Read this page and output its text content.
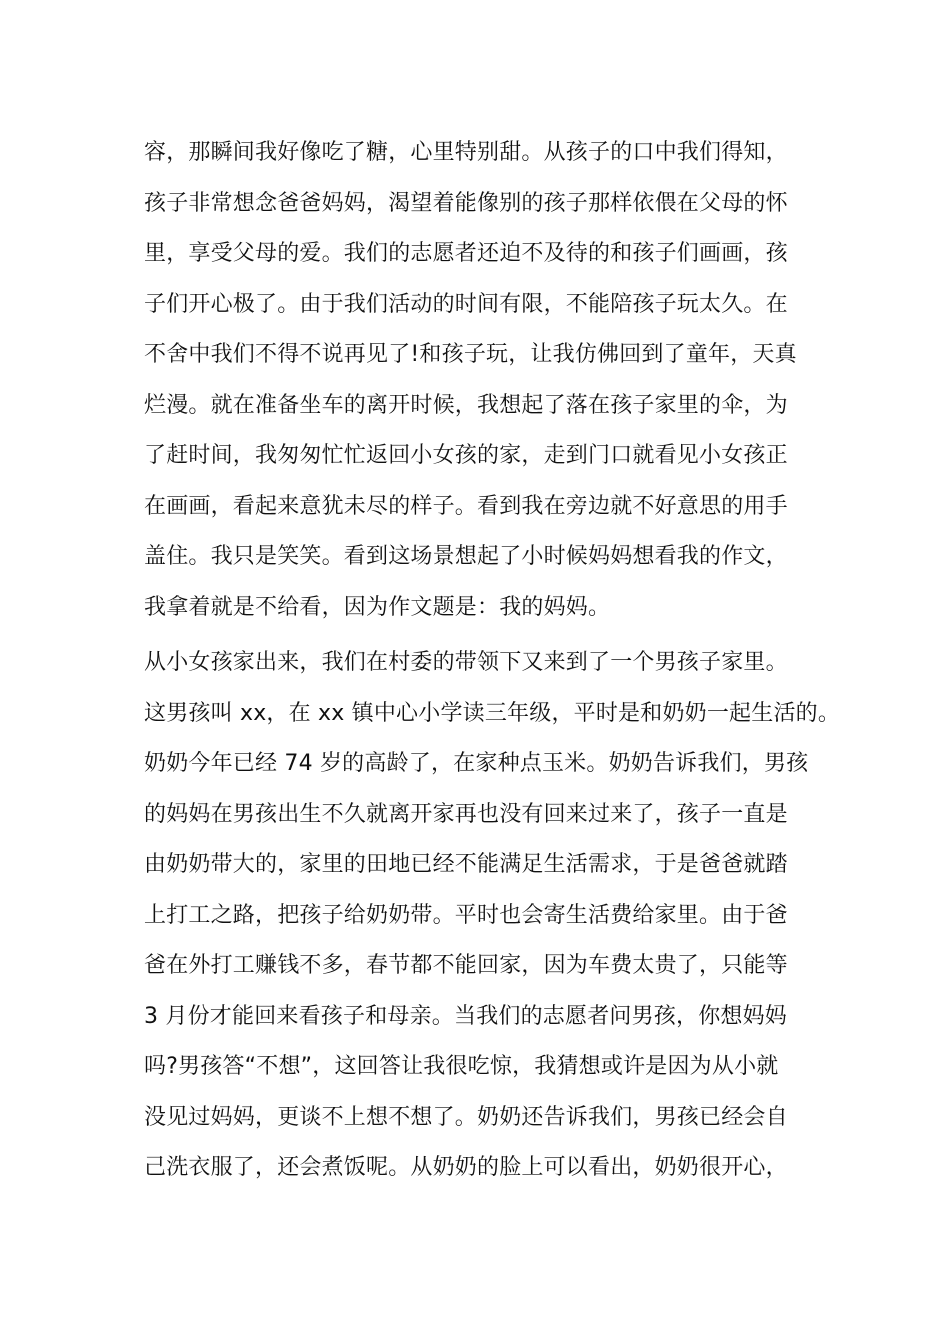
容，那瞬间我好像吃了糖，心里特别甜。从孩子的口中我们得知，
孩子非常想念爸爸妈妈，渴望着能像别的孩子那样依偎在父母的怀
里，享受父母的爱。我们的志愿者还迫不及待的和孩子们画画，孩
子们开心极了。由于我们活动的时间有限，不能陪孩子玩太久。在
不舍中我们不得不说再见了!和孩子玩，让我仿佛回到了童年，天真
烂漫。就在准备坐车的离开时候，我想起了落在孩子家里的伞，为
了赶时间，我匆匆忙忙返回小女孩的家，走到门口就看见小女孩正
在画画，看起来意犹未尽的样子。看到我在旁边就不好意思的用手
盖住。我只是笑笑。看到这场景想起了小时候妈妈想看我的作文，
我拿着就是不给看，因为作文题是：我的妈妈。
从小女孩家出来，我们在村委的带领下又来到了一个男孩子家里。
这男孩叫 xx，在 xx 镇中心小学读三年级，平时是和奶奶一起生活的。
奶奶今年已经 74 岁的高龄了，在家种点玉米。奶奶告诉我们，男孩
的妈妈在男孩出生不久就离开家再也没有回来过来了，孩子一直是
由奶奶带大的，家里的田地已经不能满足生活需求，于是爸爸就踏
上打工之路，把孩子给奶奶带。平时也会寄生活费给家里。由于爸
爸在外打工赚钱不多，春节都不能回家，因为车费太贵了，只能等
3 月份才能回来看孩子和母亲。当我们的志愿者问男孩，你想妈妈
吗?男孩答“不想”，这回答让我很吃惊，我猜想或许是因为从小就
没见过妈妈，更谈不上想不想了。奶奶还告诉我们，男孩已经会自
己洗衣服了，还会煮饭呢。从奶奶的脸上可以看出，奶奶很开心，
